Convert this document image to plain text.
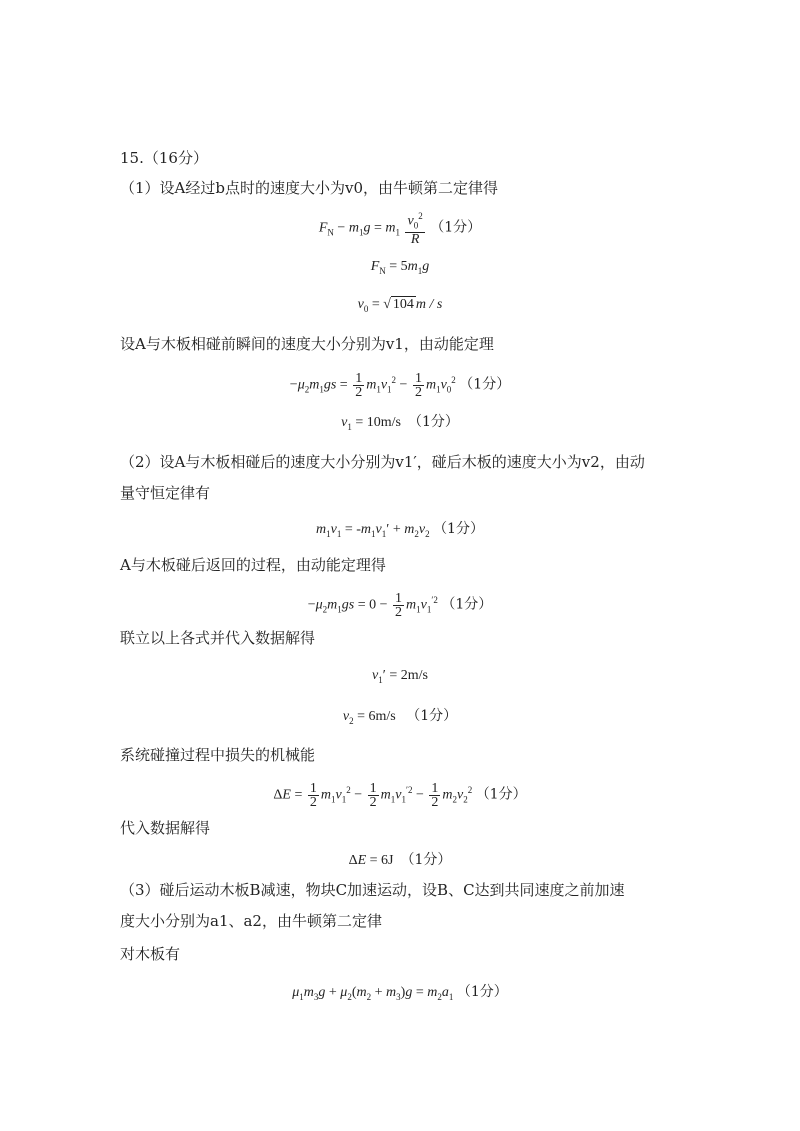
15.（16分）
（1）设A经过b点时的速度大小为v0，由牛顿第二定律得
$F_N - m_1g = m_1 \frac{v_0^2}{R} (1$分）
$F_N = 5m_1g$
$v_0$ = √ 104 m / s
设A与木板相碰前瞬间的速度大小分别为v1，由动能定理
$-\mu_2m_1gs = \frac{1}{2} m_1v_1^2 - \frac{1}{2} m_1v_0^2$ （1分）
$v_1 = 10m/s$  （1分）
（2）设A与木板相碰后的速度大小分别为v1′，碰后木板的速度大小为v2，由动
量守恒定律有
$m_1v_1 = -m_1v_1' + m_2v_2$ （1分）
A与木板碰后返回的过程，由动能定理得
$-\mu_2m_1gs = 0 - \frac{1}{2} m_1v_1^{'2}$ （1分）
联立以上各式并代入数据解得
$v_1' = 2m/s$
$v_2 = 6m/s$   （1分）
系统碰撞过程中损失的机械能
$\Delta E = \frac{1}{2} m_1v_1^2 - \frac{1}{2} m_1v_1^{'2} - \frac{1}{2} m_2v_2^2$ （1分）
代入数据解得
ΔE = 6J  （1分）
（3）碰后运动木板B减速，物块C加速运动，设B、C达到共同速度之前加速
度大小分别为a1、a2，由牛顿第二定律
对木板有
$\mu_1m_3g + \mu_2(m_2 + m_3)g = m_2a_1$ （1分）
